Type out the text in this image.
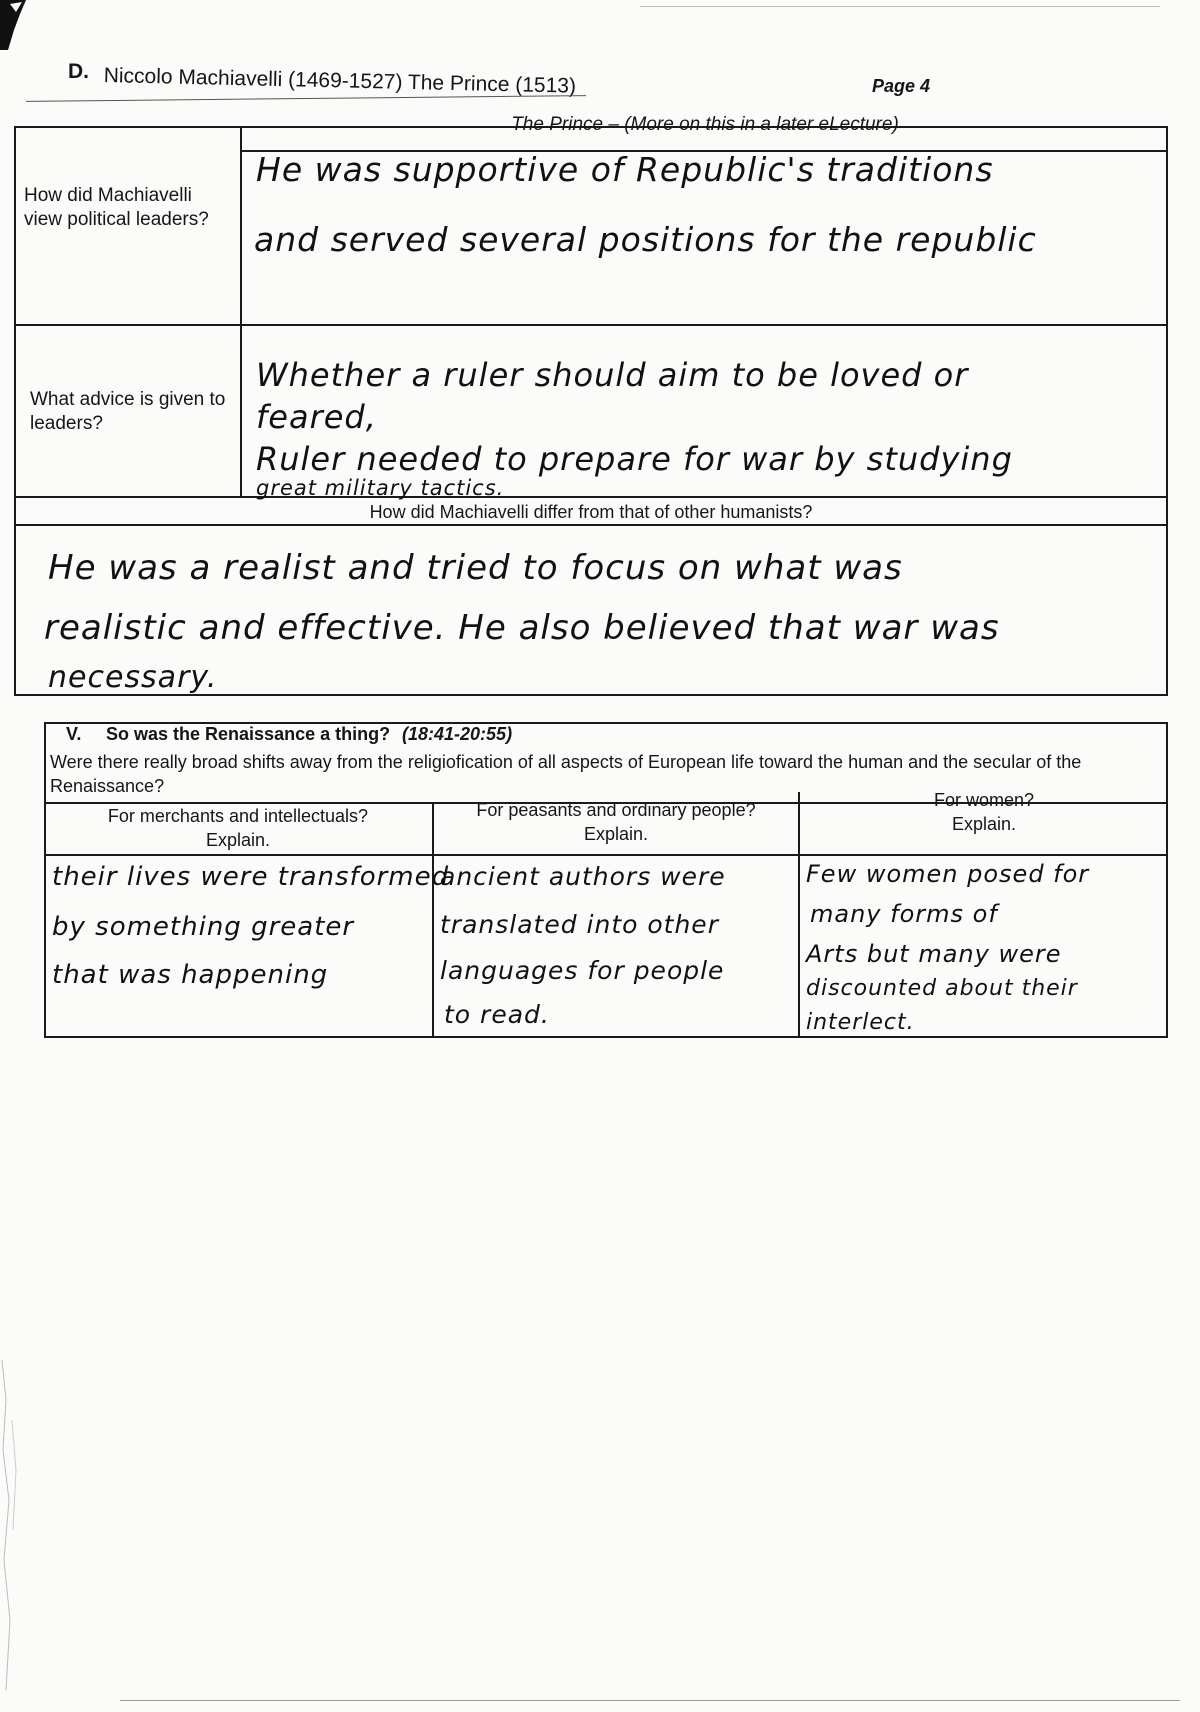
D. Niccolo Machiavelli (1469-1527) The Prince (1513)	Page 4
The Prince – (More on this in a later eLecture)
How did Machiavelli view political leaders?
He was supportive of Republic's traditions
and served several positions for the republic
What advice is given to leaders?
Whether a ruler should aim to be loved or
feared,
Ruler needed to prepare for war by studying
great military tactics.
How did Machiavelli differ from that of other humanists?
He was a realist and tried to focus on what was
realistic and effective. He also believed that war was
necessary.
V. So was the Renaissance a thing? (18:41-20:55)
Were there really broad shifts away from the religiofication of all aspects of European life toward the human and the secular of the Renaissance?
For merchants and intellectuals?
Explain.
their lives were transformed
by something greater
that was happening
For peasants and ordinary people?
Explain.
ancient authors were
translated into other
languages for people
to read.
For women?
Explain.
Few women posed for
many forms of
Arts but many were
discounted about their
interlect.
